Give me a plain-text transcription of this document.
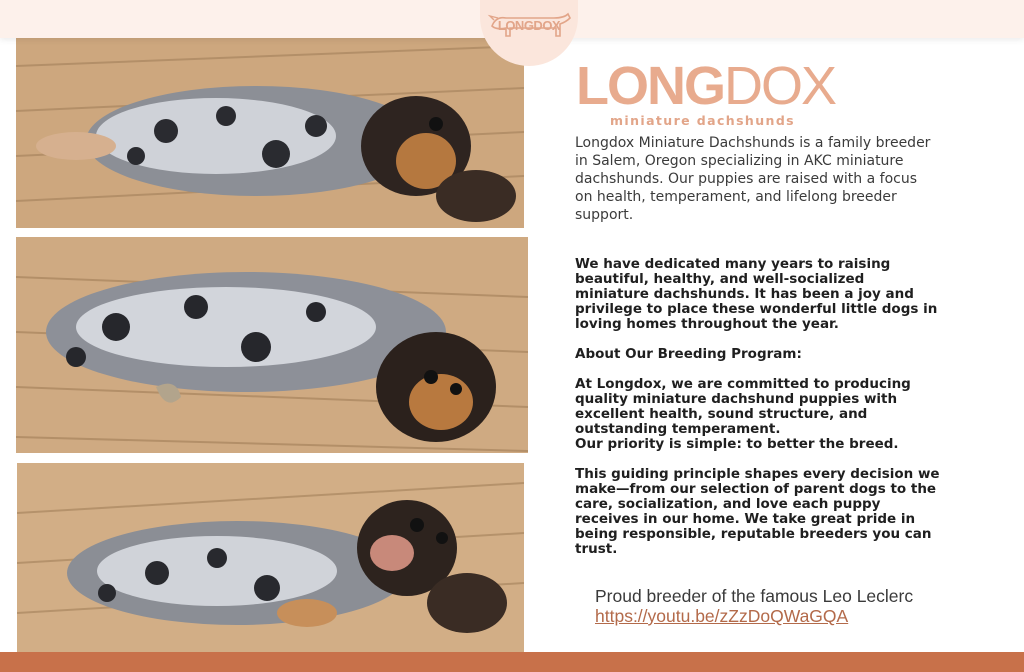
LONGDOX
LONGDOX
miniature dachshunds
Longdox Miniature Dachshunds is a family breeder in Salem, Oregon specializing in AKC miniature dachshunds. Our puppies are raised with a focus on health, temperament, and lifelong breeder support.
We have dedicated many years to raising beautiful, healthy, and well-socialized miniature dachshunds. It has been a joy and privilege to place these wonderful little dogs in loving homes throughout the year.
About Our Breeding Program:
At Longdox, we are committed to producing quality miniature dachshund puppies with excellent health, sound structure, and outstanding temperament.
Our priority is simple: to better the breed.
This guiding principle shapes every decision we make—from our selection of parent dogs to the care, socialization, and love each puppy receives in our home. We take great pride in being responsible, reputable breeders you can trust.
Proud breeder of the famous Leo Leclerc
https://youtu.be/zZzDoQWaGQA
